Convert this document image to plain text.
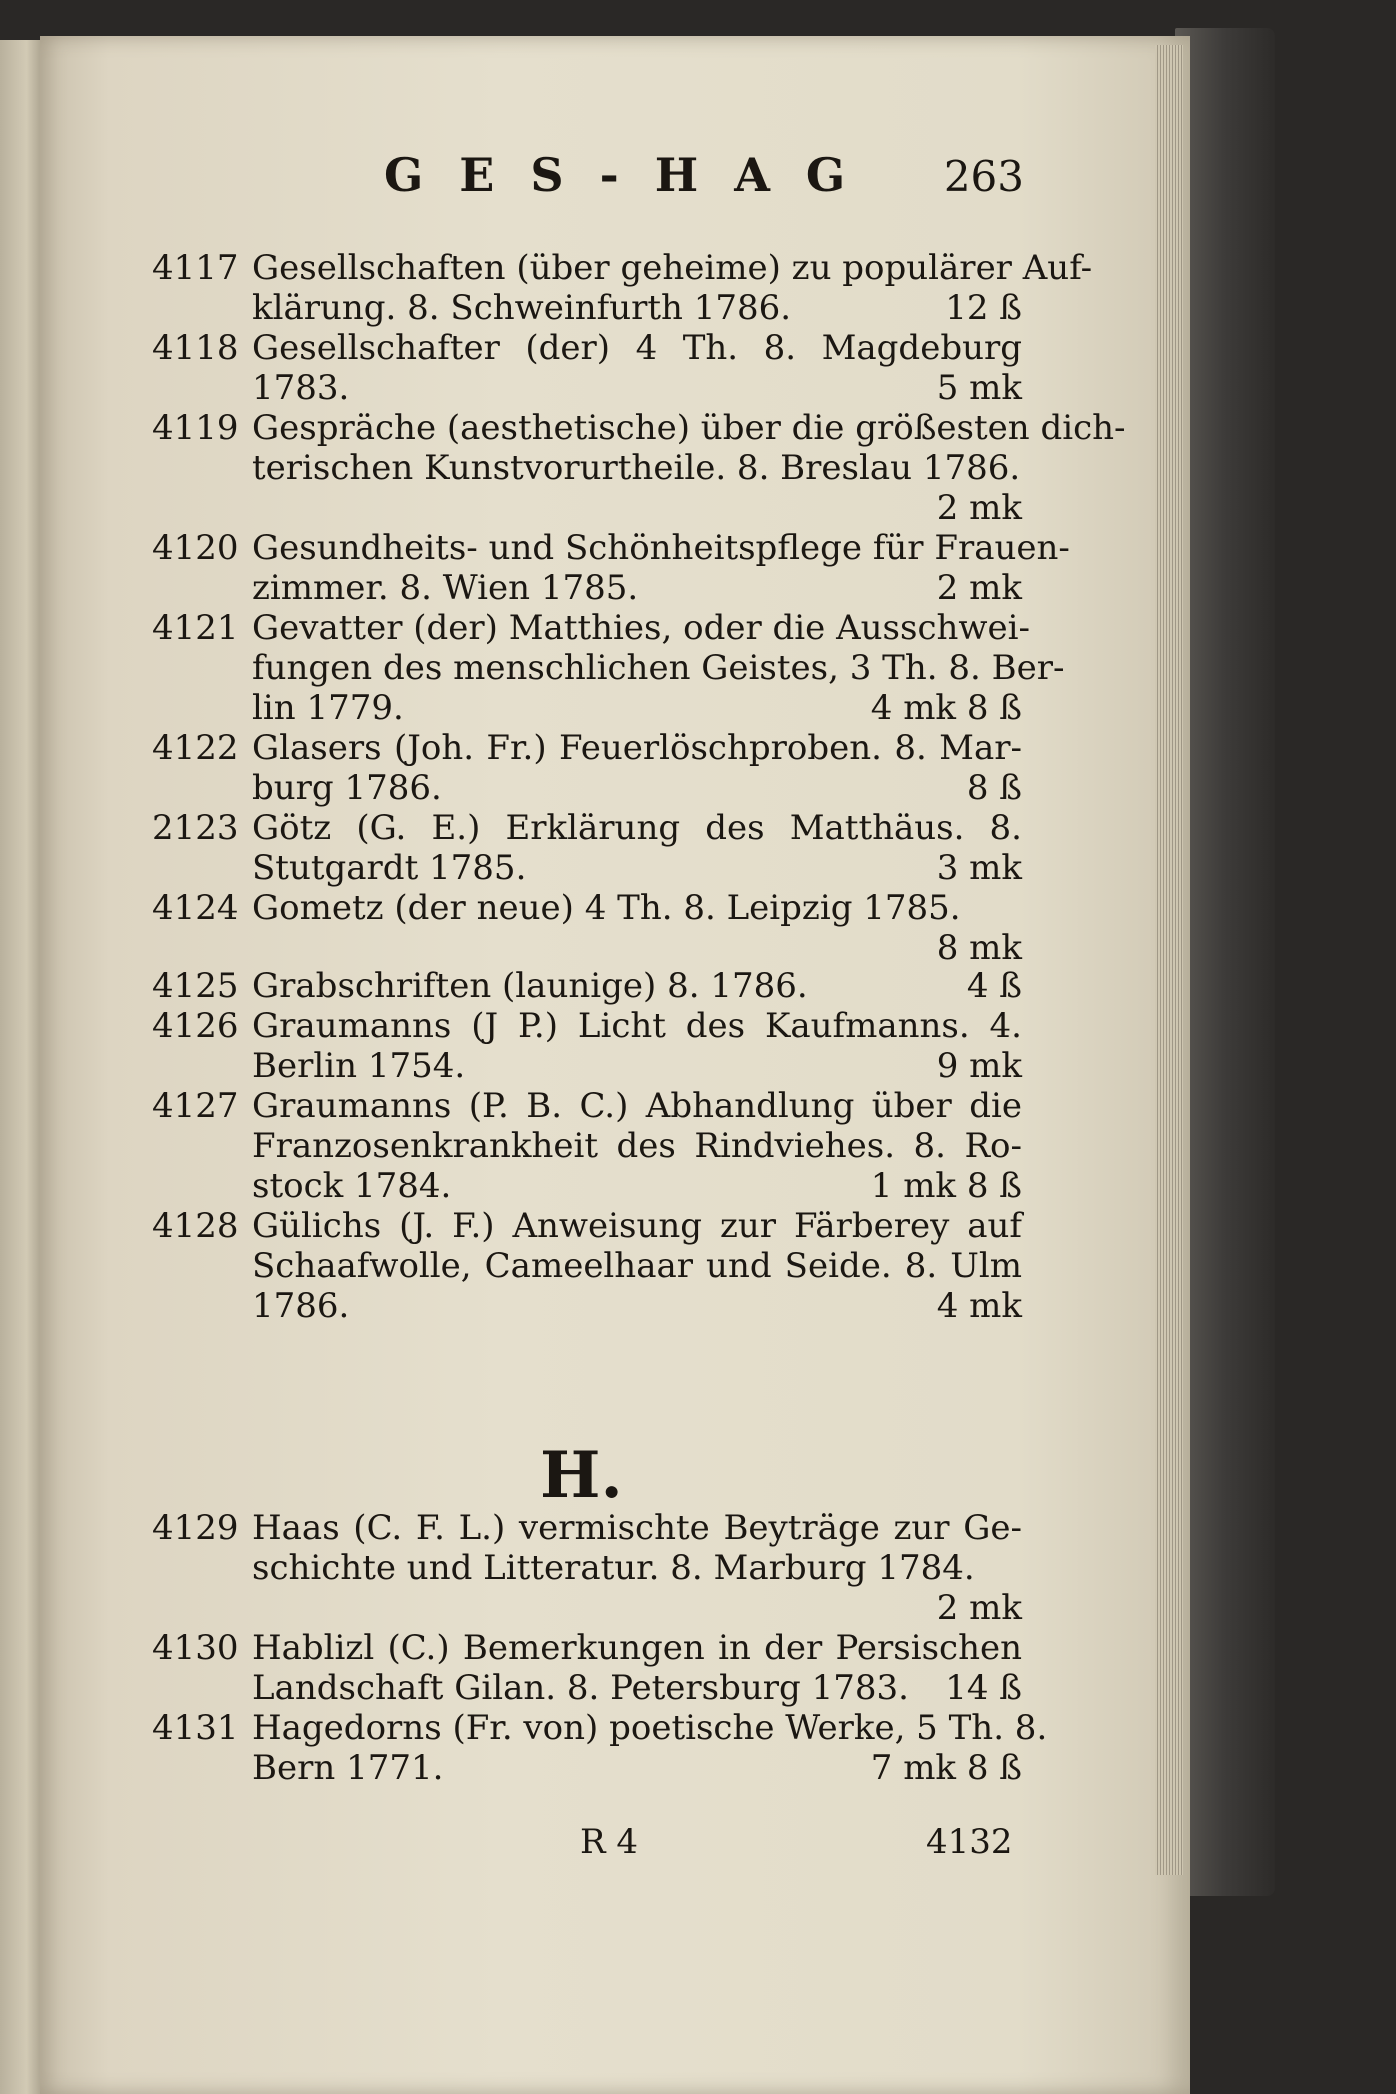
G E S - H A G 263
4117 Gesellschaften (über geheime) zu populärer Auf-
klärung. 8. Schweinfurth 1786.	12 ß
4118 Gesellschafter (der) 4 Th. 8. Magdeburg
1783.	5 mk
4119 Gespräche (aesthetische) über die größesten dich-
terischen Kunstvorurtheile. 8. Breslau 1786.
2 mk
4120 Gesundheits- und Schönheitspflege für Frauen-
zimmer. 8. Wien 1785.	2 mk
4121 Gevatter (der) Matthies, oder die Ausschwei-
fungen des menschlichen Geistes, 3 Th. 8. Ber-
lin 1779.	4 mk 8 ß
4122 Glasers (Joh. Fr.) Feuerlöschproben. 8. Mar-
burg 1786.	8 ß
2123 Götz (G. E.) Erklärung des Matthäus. 8.
Stutgardt 1785.	3 mk
4124 Gometz (der neue) 4 Th. 8. Leipzig 1785.
8 mk
4125 Grabschriften (launige) 8. 1786.	4 ß
4126 Graumanns (J P.) Licht des Kaufmanns. 4.
Berlin 1754.	9 mk
4127 Graumanns (P. B. C.) Abhandlung über die
Franzosenkrankheit des Rindviehes. 8. Ro-
stock 1784.	1 mk 8 ß
4128 Gülichs (J. F.) Anweisung zur Färberey auf
Schaafwolle, Cameelhaar und Seide. 8. Ulm
1786.	4 mk
4129 Haas (C. F. L.) vermischte Beyträge zur Ge-
schichte und Litteratur. 8. Marburg 1784.
2 mk
4130 Hablizl (C.) Bemerkungen in der Persischen
Landschaft Gilan. 8. Petersburg 1783. 14 ß
4131 Hagedorns (Fr. von) poetische Werke, 5 Th. 8.
Bern 1771.	7 mk 8 ß
H.
R 4	4132
